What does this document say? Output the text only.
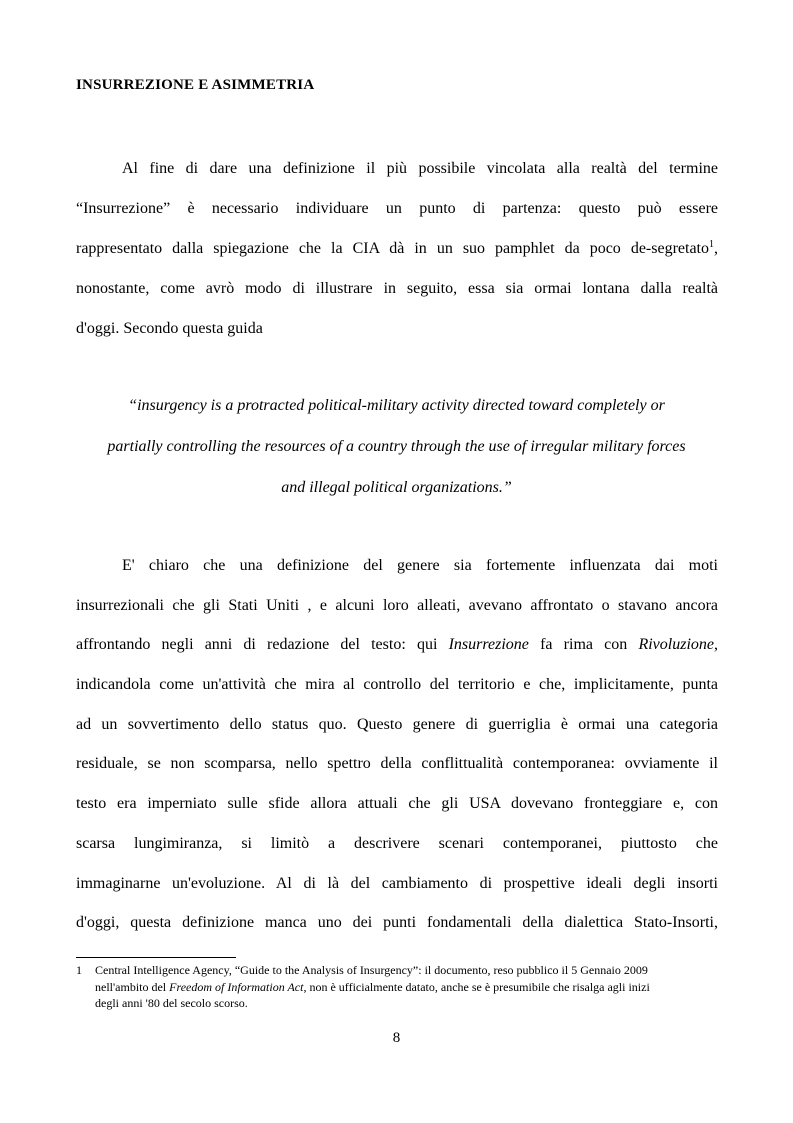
INSURREZIONE E ASIMMETRIA

Al fine di dare una definizione il più possibile vincolata alla realtà del termine

“Insurrezione” è necessario individuare un punto di partenza: questo può essere

rappresentato dalla spiegazione che la CIA dà in un suo pamphlet da poco de-segretato$^1$,

nonostante, come avrò modo di illustrare in seguito, essa sia ormai lontana dalla realtà

d'oggi. Secondo questa guida

“insurgency is a protracted political-military activity directed toward completely or

partially controlling the resources of a country through the use of irregular military forces

and illegal political organizations.”

E' chiaro che una definizione del genere sia fortemente influenzata dai moti

insurrezionali che gli Stati Uniti , e alcuni loro alleati, avevano affrontato o stavano ancora

affrontando negli anni di redazione del testo: qui Insurrezione fa rima con Rivoluzione,

indicandola come un'attività che mira al controllo del territorio e che, implicitamente, punta

ad un sovvertimento dello status quo. Questo genere di guerriglia è ormai una categoria

residuale, se non scomparsa, nello spettro della conflittualità contemporanea: ovviamente il

testo era imperniato sulle sfide allora attuali che gli USA dovevano fronteggiare e, con

scarsa lungimiranza, si limitò a descrivere scenari contemporanei, piuttosto che

immaginarne un'evoluzione. Al di là del cambiamento di prospettive ideali degli insorti

d'oggi, questa definizione manca uno dei punti fondamentali della dialettica Stato-Insorti,

1 Central Intelligence Agency, “Guide to the Analysis of Insurgency”: il documento, reso pubblico il 5 Gennaio 2009
nell'ambito del Freedom of Information Act, non è ufficialmente datato, anche se è presumibile che risalga agli inizi
degli anni '80 del secolo scorso.
8
